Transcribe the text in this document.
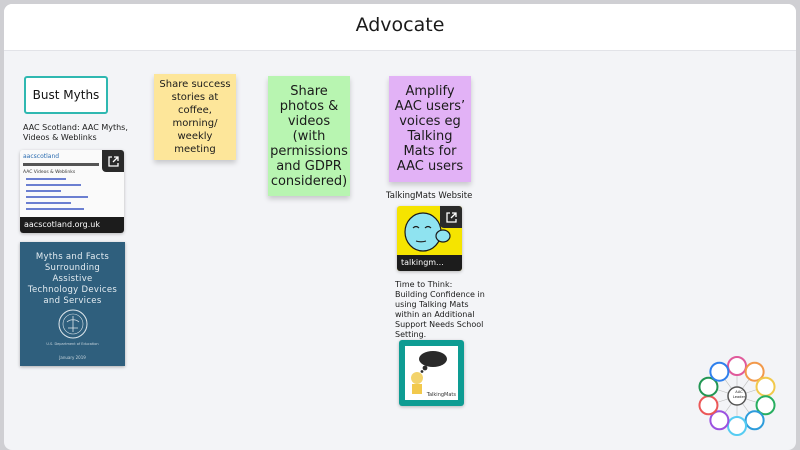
Advocate
Bust Myths
AAC Scotland: AAC Myths, Videos & Weblinks
aacscotland
AAC Videos & Weblinks
aacscotland.org.uk
Myths and Facts Surrounding Assistive Technology Devices and Services
U.S. Department of Education
January 2019
Share success stories at coffee, morning/ weekly meeting
Share photos & videos (with permissions and GDPR considered)
Amplify AAC users’ voices eg Talking Mats for AAC users
TalkingMats Website
talkingm...
Time to Think: Building Confidence in using Talking Mats within an Additional Support Needs School Setting.
TalkingMats	AAC Leader
